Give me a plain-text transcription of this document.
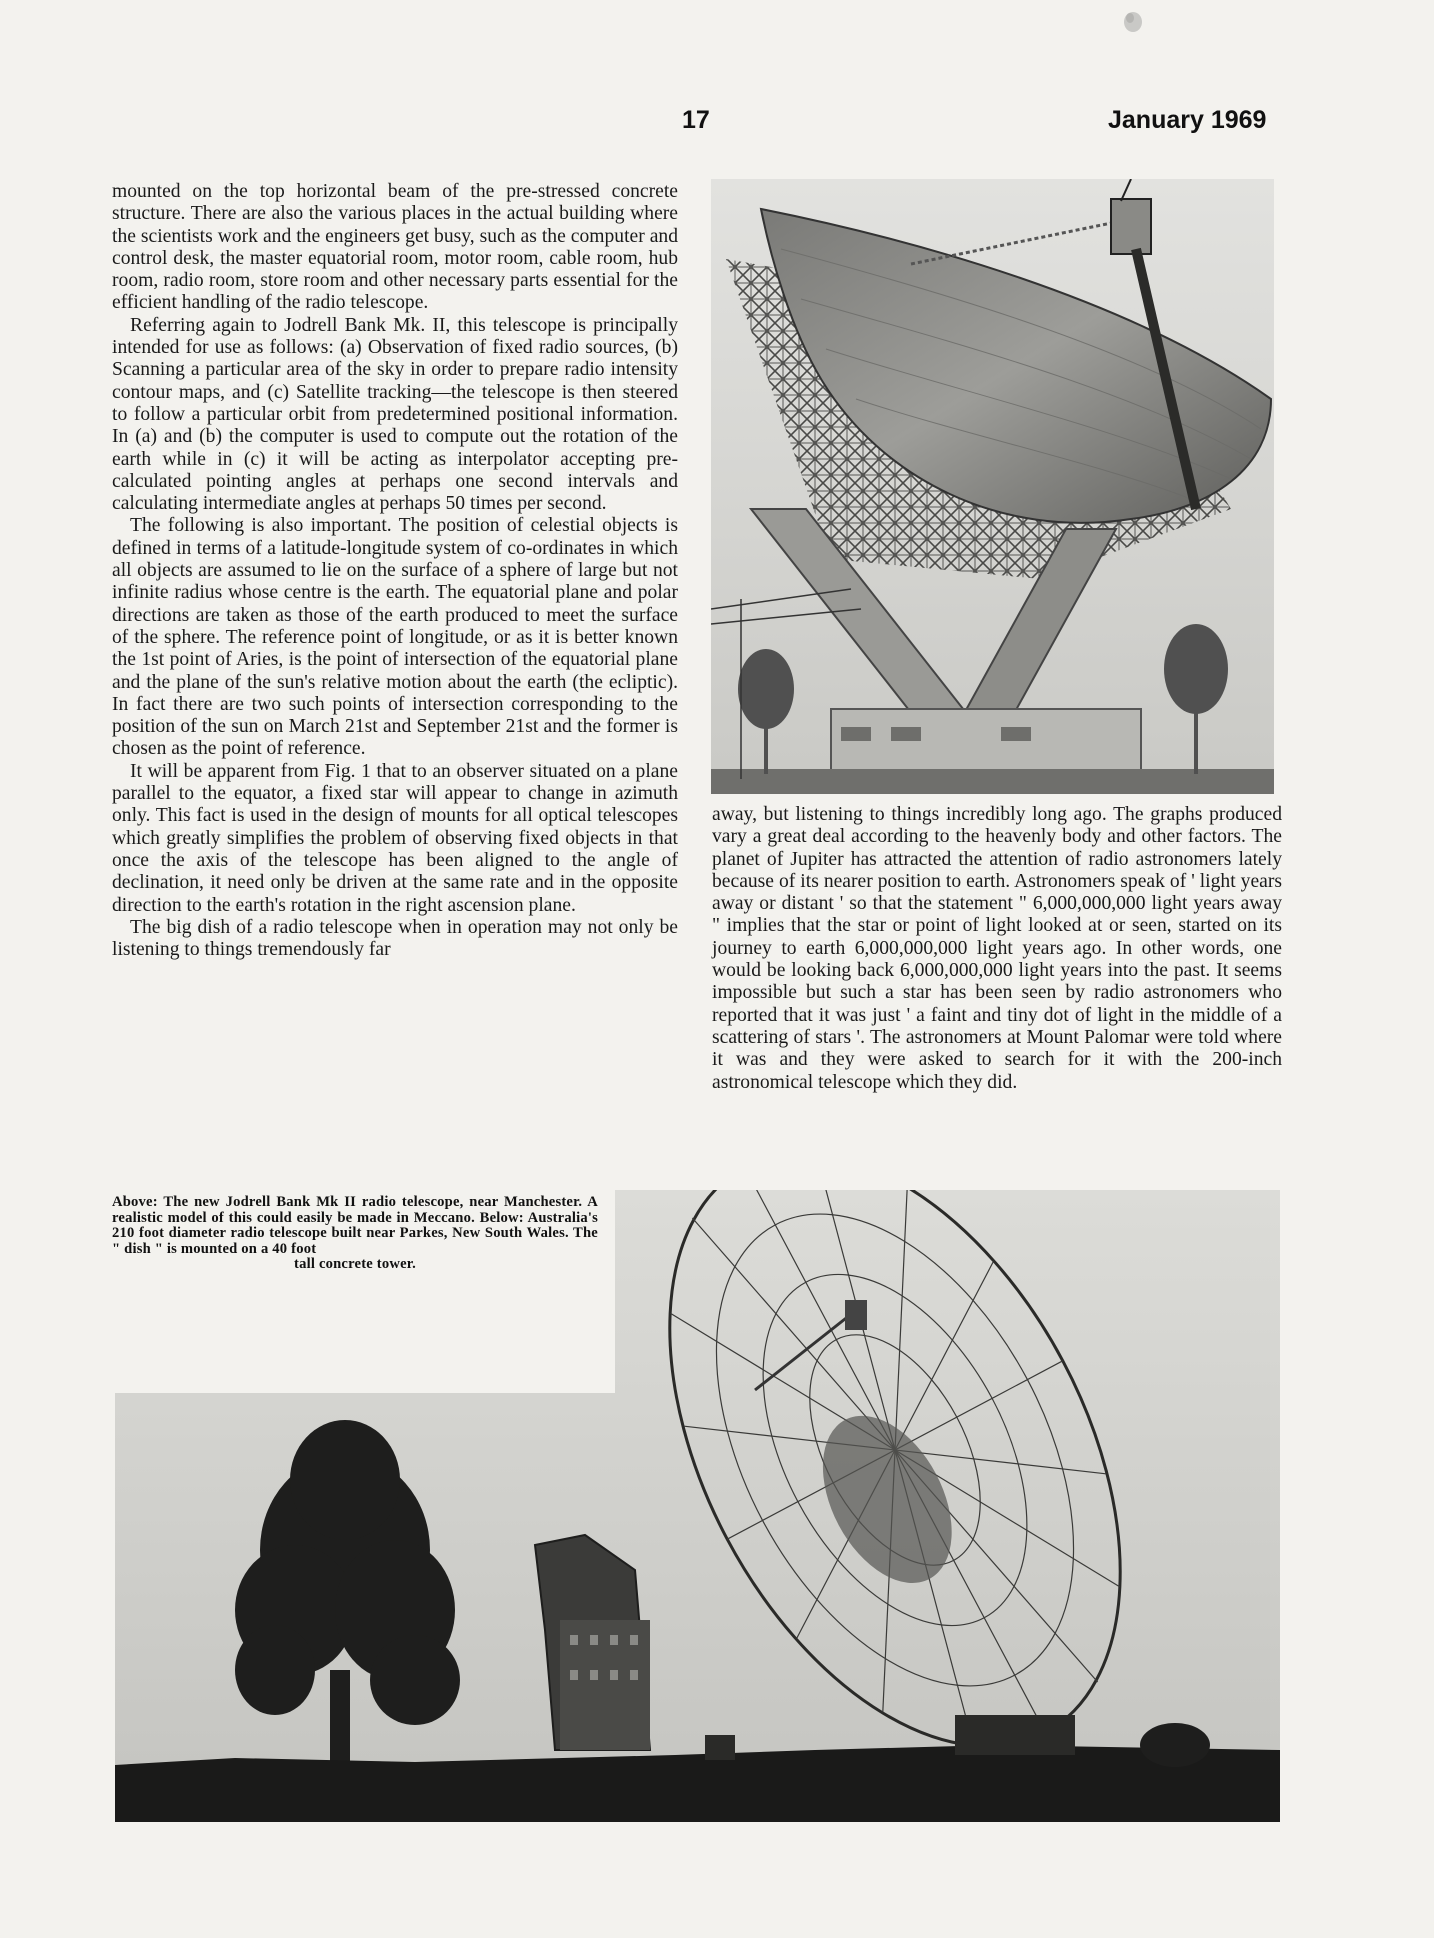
17	January 1969

mounted on the top horizontal beam of the pre-stressed concrete structure. There are also the various places in the actual building where the scientists work and the engineers get busy, such as the computer and control desk, the master equatorial room, motor room, cable room, hub room, radio room, store room and other necessary parts essential for the efficient handling of the radio telescope.

Referring again to Jodrell Bank Mk. II, this telescope is principally intended for use as follows: (a) Observation of fixed radio sources, (b) Scanning a particular area of the sky in order to prepare radio intensity contour maps, and (c) Satellite tracking—the telescope is then steered to follow a particular orbit from predetermined positional information. In (a) and (b) the computer is used to compute out the rotation of the earth while in (c) it will be acting as interpolator accepting pre-calculated pointing angles at perhaps one second intervals and calculating intermediate angles at perhaps 50 times per second.

The following is also important. The position of celestial objects is defined in terms of a latitude-longitude system of co-ordinates in which all objects are assumed to lie on the surface of a sphere of large but not infinite radius whose centre is the earth. The equatorial plane and polar directions are taken as those of the earth produced to meet the surface of the sphere. The reference point of longitude, or as it is better known the 1st point of Aries, is the point of intersection of the equatorial plane and the plane of the sun's relative motion about the earth (the ecliptic). In fact there are two such points of intersection corresponding to the position of the sun on March 21st and September 21st and the former is chosen as the point of reference.

It will be apparent from Fig. 1 that to an observer situated on a plane parallel to the equator, a fixed star will appear to change in azimuth only. This fact is used in the design of mounts for all optical telescopes which greatly simplifies the problem of observing fixed objects in that once the axis of the telescope has been aligned to the angle of declination, it need only be driven at the same rate and in the opposite direction to the earth's rotation in the right ascension plane.

The big dish of a radio telescope when in operation may not only be listening to things tremendously far

away, but listening to things incredibly long ago. The graphs produced vary a great deal according to the heavenly body and other factors. The planet of Jupiter has attracted the attention of radio astronomers lately because of its nearer position to earth. Astronomers speak of ' light years away or distant ' so that the statement " 6,000,000,000 light years away " implies that the star or point of light looked at or seen, started on its journey to earth 6,000,000,000 light years ago. In other words, one would be looking back 6,000,000,000 light years into the past. It seems impossible but such a star has been seen by radio astronomers who reported that it was just ' a faint and tiny dot of light in the middle of a scattering of stars '. The astronomers at Mount Palomar were told where it was and they were asked to search for it with the 200-inch astronomical telescope which they did.

Above: The new Jodrell Bank Mk II radio telescope, near Manchester. A realistic model of this could easily be made in Meccano. Below: Australia's 210 foot diameter radio telescope built near Parkes, New South Wales. The " dish " is mounted on a 40 foot
tall concrete tower.
